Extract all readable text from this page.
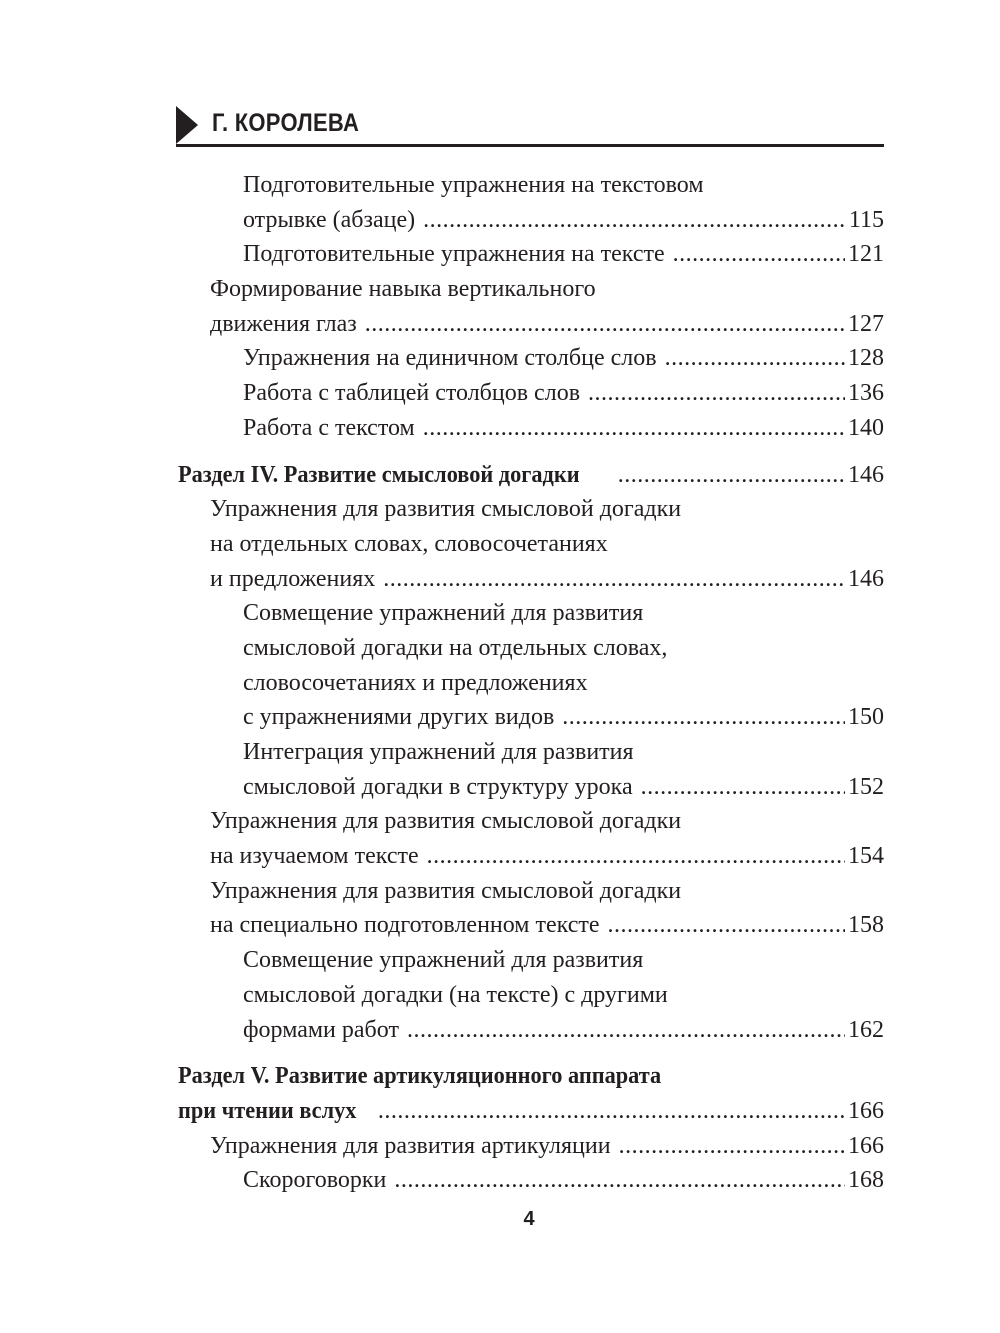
Г. КОРОЛЕВА
Подготовительные упражнения на текстовом
отрывке (абзаце) .....	115
Подготовительные упражнения на тексте .....	121
Формирование навыка вертикального
движения глаз .....	127
Упражнения на единичном столбце слов .....	128
Работа с таблицей столбцов слов .....	136
Работа с текстом .....	140
Раздел IV. Развитие смысловой догадки .....	146
Упражнения для развития смысловой догадки
на отдельных словах, словосочетаниях
и предложениях .....	146
Совмещение упражнений для развития
смысловой догадки на отдельных словах,
словосочетаниях и предложениях
с упражнениями других видов .....	150
Интеграция упражнений для развития
смысловой догадки в структуру урока .....	152
Упражнения для развития смысловой догадки
на изучаемом тексте .....	154
Упражнения для развития смысловой догадки
на специально подготовленном тексте .....	158
Совмещение упражнений для развития
смысловой догадки (на тексте) с другими
формами работ .....	162
Раздел V. Развитие артикуляционного аппарата
при чтении вслух .....	166
Упражнения для развития артикуляции .....	166
Скороговорки .....	168
4
